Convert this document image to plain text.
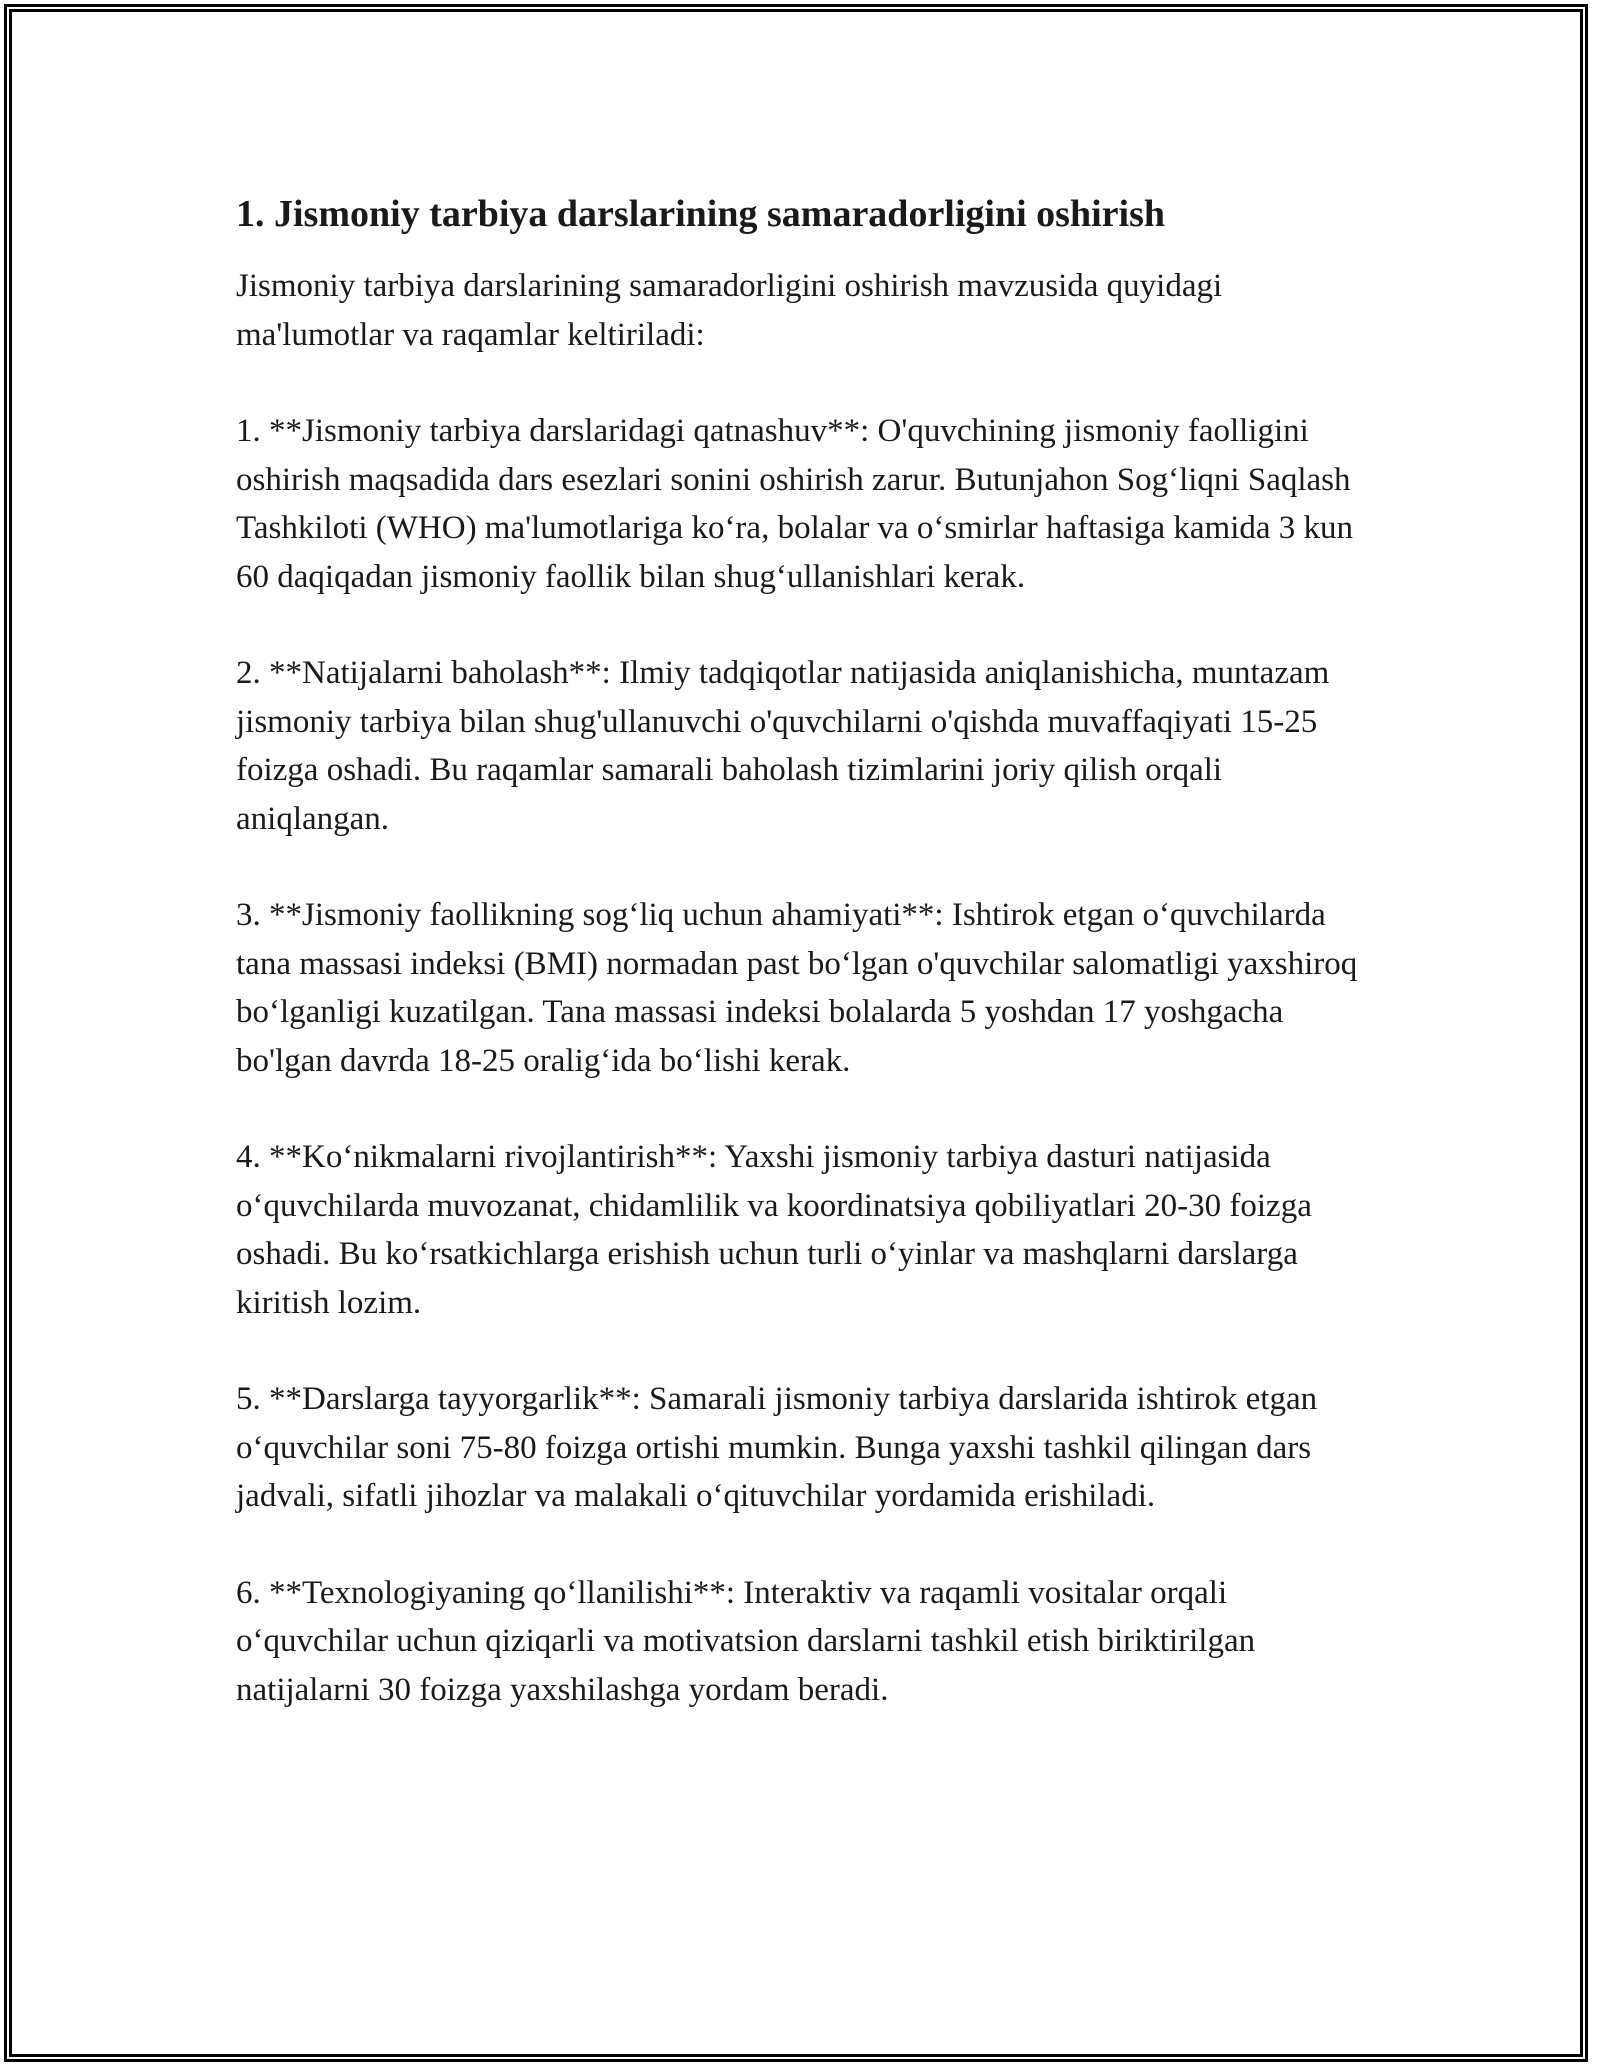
1. Jismoniy tarbiya darslarining samaradorligini oshirish

Jismoniy tarbiya darslarining samaradorligini oshirish mavzusida quyidagi ma'lumotlar va raqamlar keltiriladi:

1. **Jismoniy tarbiya darslaridagi qatnashuv**: O'quvchining jismoniy faolligini oshirish maqsadida dars esezlari sonini oshirish zarur. Butunjahon Sog‘liqni Saqlash Tashkiloti (WHO) ma'lumotlariga ko‘ra, bolalar va o‘smirlar haftasiga kamida 3 kun 60 daqiqadan jismoniy faollik bilan shug‘ullanishlari kerak.

2. **Natijalarni baholash**: Ilmiy tadqiqotlar natijasida aniqlanishicha, muntazam jismoniy tarbiya bilan shug'ullanuvchi o'quvchilarni o'qishda muvaffaqiyati 15-25 foizga oshadi. Bu raqamlar samarali baholash tizimlarini joriy qilish orqali aniqlangan.

3. **Jismoniy faollikning sog‘liq uchun ahamiyati**: Ishtirok etgan o‘quvchilarda tana massasi indeksi (BMI) normadan past bo‘lgan o'quvchilar salomatligi yaxshiroq bo‘lganligi kuzatilgan. Tana massasi indeksi bolalarda 5 yoshdan 17 yoshgacha bo'lgan davrda 18-25 oralig‘ida bo‘lishi kerak.

4. **Ko‘nikmalarni rivojlantirish**: Yaxshi jismoniy tarbiya dasturi natijasida o‘quvchilarda muvozanat, chidamlilik va koordinatsiya qobiliyatlari 20-30 foizga oshadi. Bu ko‘rsatkichlarga erishish uchun turli o‘yinlar va mashqlarni darslarga kiritish lozim.

5. **Darslarga tayyorgarlik**: Samarali jismoniy tarbiya darslarida ishtirok etgan o‘quvchilar soni 75-80 foizga ortishi mumkin. Bunga yaxshi tashkil qilingan dars jadvali, sifatli jihozlar va malakali o‘qituvchilar yordamida erishiladi.

6. **Texnologiyaning qo‘llanilishi**: Interaktiv va raqamli vositalar orqali o‘quvchilar uchun qiziqarli va motivatsion darslarni tashkil etish biriktirilgan natijalarni 30 foizga yaxshilashga yordam beradi.
